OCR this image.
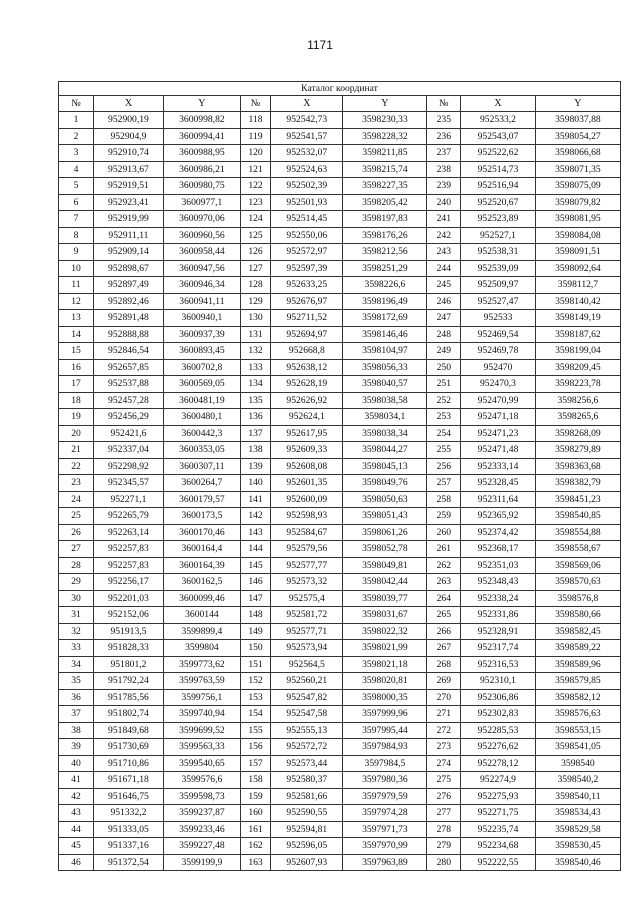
1171
Каталог координат								
№	X	Y	№	X	Y	№	X	Y
1	952900,19	3600998,82	118	952542,73	3598230,33	235	952533,2	3598037,88
2	952904,9	3600994,41	119	952541,57	3598228,32	236	952543,07	3598054,27
3	952910,74	3600988,95	120	952532,07	3598211,85	237	952522,62	3598066,68
4	952913,67	3600986,21	121	952524,63	3598215,74	238	952514,73	3598071,35
5	952919,51	3600980,75	122	952502,39	3598227,35	239	952516,94	3598075,09
6	952923,41	3600977,1	123	952501,93	3598205,42	240	952520,67	3598079,82
7	952919,99	3600970,06	124	952514,45	3598197,83	241	952523,89	3598081,95
8	952911,11	3600960,56	125	952550,06	3598176,26	242	952527,1	3598084,08
9	952909,14	3600958,44	126	952572,97	3598212,56	243	952538,31	3598091,51
10	952898,67	3600947,56	127	952597,39	3598251,29	244	952539,09	3598092,64
11	952897,49	3600946,34	128	952633,25	3598226,6	245	952509,97	3598112,7
12	952892,46	3600941,11	129	952676,97	3598196,49	246	952527,47	3598140,42
13	952891,48	3600940,1	130	952711,52	3598172,69	247	952533	3598149,19
14	952888,88	3600937,39	131	952694,97	3598146,46	248	952469,54	3598187,62
15	952846,54	3600893,45	132	952668,8	3598104,97	249	952469,78	3598199,04
16	952657,85	3600702,8	133	952638,12	3598056,33	250	952470	3598209,45
17	952537,88	3600569,05	134	952628,19	3598040,57	251	952470,3	3598223,78
18	952457,28	3600481,19	135	952626,92	3598038,58	252	952470,99	3598256,6
19	952456,29	3600480,1	136	952624,1	3598034,1	253	952471,18	3598265,6
20	952421,6	3600442,3	137	952617,95	3598038,34	254	952471,23	3598268,09
21	952337,04	3600353,05	138	952609,33	3598044,27	255	952471,48	3598279,89
22	952298,92	3600307,11	139	952608,08	3598045,13	256	952333,14	3598363,68
23	952345,57	3600264,7	140	952601,35	3598049,76	257	952328,45	3598382,79
24	952271,1	3600179,57	141	952600,09	3598050,63	258	952311,64	3598451,23
25	952265,79	3600173,5	142	952598,93	3598051,43	259	952365,92	3598540,85
26	952263,14	3600170,46	143	952584,67	3598061,26	260	952374,42	3598554,88
27	952257,83	3600164,4	144	952579,56	3598052,78	261	952368,17	3598558,67
28	952257,83	3600164,39	145	952577,77	3598049,81	262	952351,03	3598569,06
29	952256,17	3600162,5	146	952573,32	3598042,44	263	952348,43	3598570,63
30	952201,03	3600099,46	147	952575,4	3598039,77	264	952338,24	3598576,8
31	952152,06	3600144	148	952581,72	3598031,67	265	952331,86	3598580,66
32	951913,5	3599899,4	149	952577,71	3598022,32	266	952328,91	3598582,45
33	951828,33	3599804	150	952573,94	3598021,99	267	952317,74	3598589,22
34	951801,2	3599773,62	151	952564,5	3598021,18	268	952316,53	3598589,96
35	951792,24	3599763,59	152	952560,21	3598020,81	269	952310,1	3598579,85
36	951785,56	3599756,1	153	952547,82	3598000,35	270	952306,86	3598582,12
37	951802,74	3599740,94	154	952547,58	3597999,96	271	952302,83	3598576,63
38	951849,68	3599699,52	155	952555,13	3597995,44	272	952285,53	3598553,15
39	951730,69	3599563,33	156	952572,72	3597984,93	273	952276,62	3598541,05
40	951710,86	3599540,65	157	952573,44	3597984,5	274	952278,12	3598540
41	951671,18	3599576,6	158	952580,37	3597980,36	275	952274,9	3598540,2
42	951646,75	3599598,73	159	952581,66	3597979,59	276	952275,93	3598540,11
43	951332,2	3599237,87	160	952590,55	3597974,28	277	952271,75	3598534,43
44	951333,05	3599233,46	161	952594,81	3597971,73	278	952235,74	3598529,58
45	951337,16	3599227,48	162	952596,05	3597970,99	279	952234,68	3598530,45
46	951372,54	3599199,9	163	952607,93	3597963,89	280	952222,55	3598540,46
